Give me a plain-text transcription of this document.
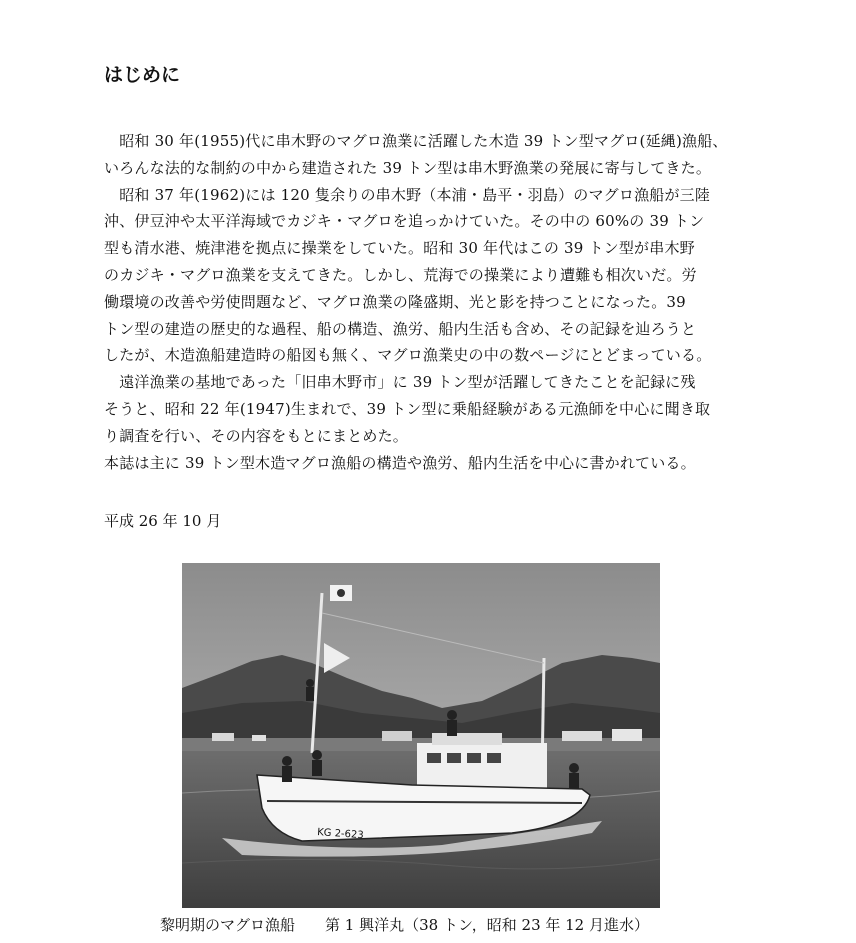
はじめに
　昭和 30 年(1955)代に串木野のマグロ漁業に活躍した木造 39 トン型マグロ(延縄)漁船、
いろんな法的な制約の中から建造された 39 トン型は串木野漁業の発展に寄与してきた。
　昭和 37 年(1962)には 120 隻余りの串木野（本浦・島平・羽島）のマグロ漁船が三陸
沖、伊豆沖や太平洋海域でカジキ・マグロを追っかけていた。その中の 60%の 39 トン
型も清水港、焼津港を拠点に操業をしていた。昭和 30 年代はこの 39 トン型が串木野
のカジキ・マグロ漁業を支えてきた。しかし、荒海での操業により遭難も相次いだ。労
働環境の改善や労使問題など、マグロ漁業の隆盛期、光と影を持つことになった。39
トン型の建造の歴史的な過程、船の構造、漁労、船内生活も含め、その記録を辿ろうと
したが、木造漁船建造時の船図も無く、マグロ漁業史の中の数ページにとどまっている。
　遠洋漁業の基地であった「旧串木野市」に 39 トン型が活躍してきたことを記録に残
そうと、昭和 22 年(1947)生まれで、39 トン型に乗船経験がある元漁師を中心に聞き取
り調査を行い、その内容をもとにまとめた。
本誌は主に 39 トン型木造マグロ漁船の構造や漁労、船内生活を中心に書かれている。
平成 26 年 10 月
KG 2-623
黎明期のマグロ漁船 第 1 興洋丸（38 トン，昭和 23 年 12 月進水）
